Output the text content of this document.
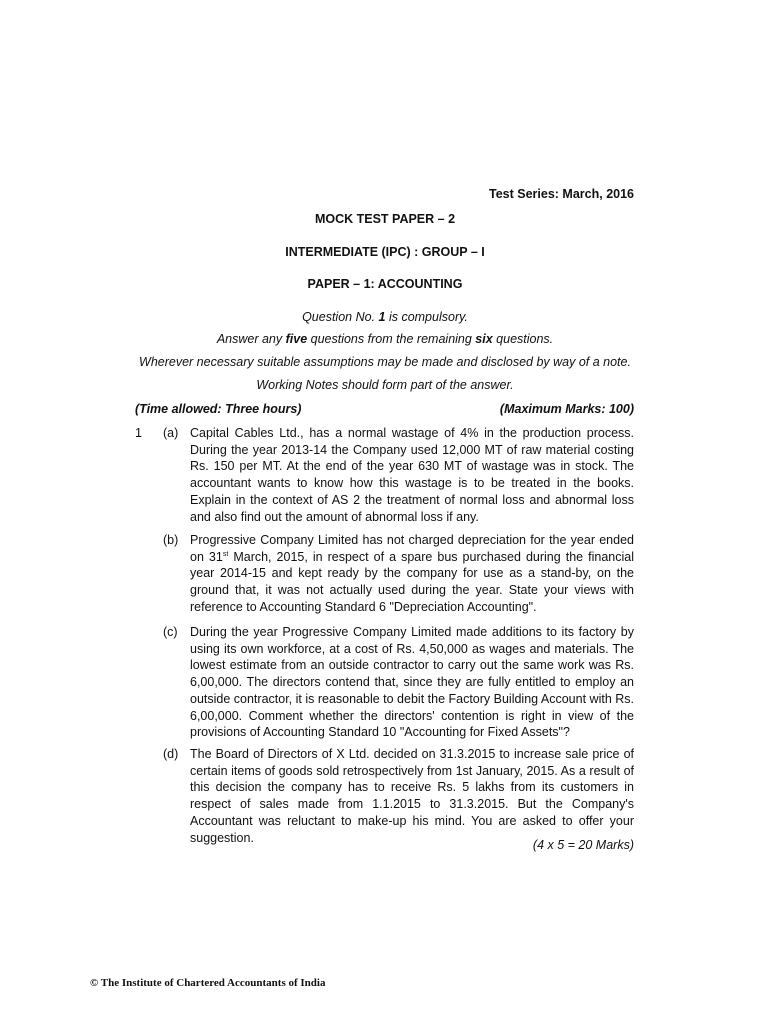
Test Series: March, 2016
MOCK TEST PAPER – 2
INTERMEDIATE (IPC) : GROUP – I
PAPER – 1: ACCOUNTING
Question No. 1 is compulsory.
Answer any five questions from the remaining six questions.
Wherever necessary suitable assumptions may be made and disclosed by way of a note.
Working Notes should form part of the answer.
(Time allowed: Three hours)	(Maximum Marks: 100)
1 (a) Capital Cables Ltd., has a normal wastage of 4% in the production process. During the year 2013-14 the Company used 12,000 MT of raw material costing Rs. 150 per MT. At the end of the year 630 MT of wastage was in stock. The accountant wants to know how this wastage is to be treated in the books. Explain in the context of AS 2 the treatment of normal loss and abnormal loss and also find out the amount of abnormal loss if any.
(b) Progressive Company Limited has not charged depreciation for the year ended on 31st March, 2015, in respect of a spare bus purchased during the financial year 2014-15 and kept ready by the company for use as a stand-by, on the ground that, it was not actually used during the year. State your views with reference to Accounting Standard 6 "Depreciation Accounting".
(c) During the year Progressive Company Limited made additions to its factory by using its own workforce, at a cost of Rs. 4,50,000 as wages and materials. The lowest estimate from an outside contractor to carry out the same work was Rs. 6,00,000. The directors contend that, since they are fully entitled to employ an outside contractor, it is reasonable to debit the Factory Building Account with Rs. 6,00,000. Comment whether the directors' contention is right in view of the provisions of Accounting Standard 10 "Accounting for Fixed Assets"?
(d) The Board of Directors of X Ltd. decided on 31.3.2015 to increase sale price of certain items of goods sold retrospectively from 1st January, 2015. As a result of this decision the company has to receive Rs. 5 lakhs from its customers in respect of sales made from 1.1.2015 to 31.3.2015. But the Company's Accountant was reluctant to make-up his mind. You are asked to offer your suggestion.
(4 x 5 = 20 Marks)
© The Institute of Chartered Accountants of India
